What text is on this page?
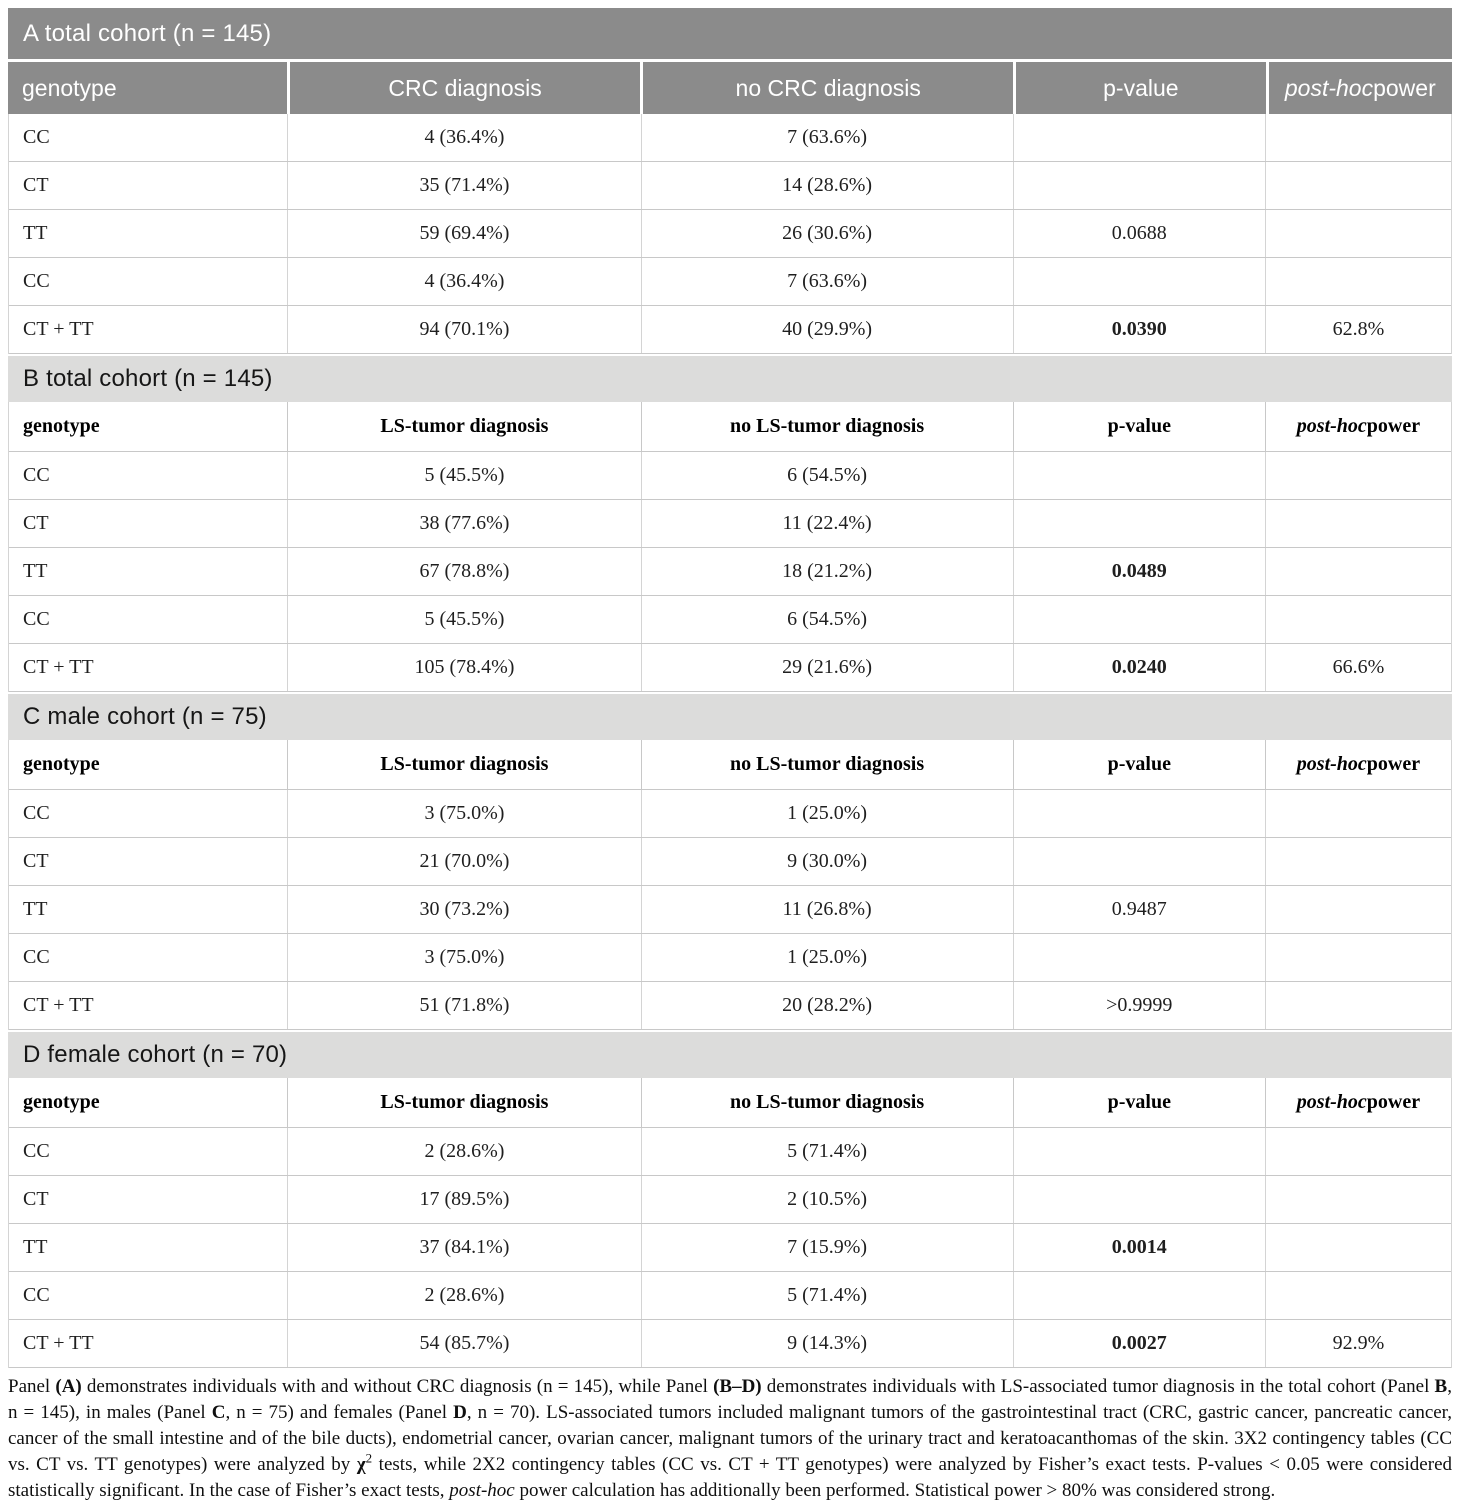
A total cohort (n = 145)
genotype	CRC diagnosis	no CRC diagnosis	p-value	post-hoc power
CC	4 (36.4%)	7 (63.6%)
CT	35 (71.4%)	14 (28.6%)
TT	59 (69.4%)	26 (30.6%)	0.0688
CC	4 (36.4%)	7 (63.6%)
CT + TT	94 (70.1%)	40 (29.9%)	0.0390	62.8%
B total cohort (n = 145)
genotype	LS-tumor diagnosis	no LS-tumor diagnosis	p-value	post-hoc power
CC	5 (45.5%)	6 (54.5%)
CT	38 (77.6%)	11 (22.4%)
TT	67 (78.8%)	18 (21.2%)	0.0489
CC	5 (45.5%)	6 (54.5%)
CT + TT	105 (78.4%)	29 (21.6%)	0.0240	66.6%
C male cohort (n = 75)
genotype	LS-tumor diagnosis	no LS-tumor diagnosis	p-value	post-hoc power
CC	3 (75.0%)	1 (25.0%)
CT	21 (70.0%)	9 (30.0%)
TT	30 (73.2%)	11 (26.8%)	0.9487
CC	3 (75.0%)	1 (25.0%)
CT + TT	51 (71.8%)	20 (28.2%)	>0.9999
D female cohort (n = 70)
genotype	LS-tumor diagnosis	no LS-tumor diagnosis	p-value	post-hoc power
CC	2 (28.6%)	5 (71.4%)
CT	17 (89.5%)	2 (10.5%)
TT	37 (84.1%)	7 (15.9%)	0.0014
CC	2 (28.6%)	5 (71.4%)
CT + TT	54 (85.7%)	9 (14.3%)	0.0027	92.9%

Panel (A) demonstrates individuals with and without CRC diagnosis (n = 145), while Panel (B–D) demonstrates individuals with LS-associated tumor diagnosis in the total cohort (Panel B, n = 145), in males (Panel C, n = 75) and females (Panel D, n = 70). LS-associated tumors included malignant tumors of the gastrointestinal tract (CRC, gastric cancer, pancreatic cancer, cancer of the small intestine and of the bile ducts), endometrial cancer, ovarian cancer, malignant tumors of the urinary tract and keratoacanthomas of the skin. 3X2 contingency tables (CC vs. CT vs. TT genotypes) were analyzed by $\chi^2$ tests, while 2X2 contingency tables (CC vs. CT + TT genotypes) were analyzed by Fisher’s exact tests. P-values < 0.05 were considered statistically significant. In the case of Fisher’s exact tests, post-hoc power calculation has additionally been performed. Statistical power > 80% was considered strong.
